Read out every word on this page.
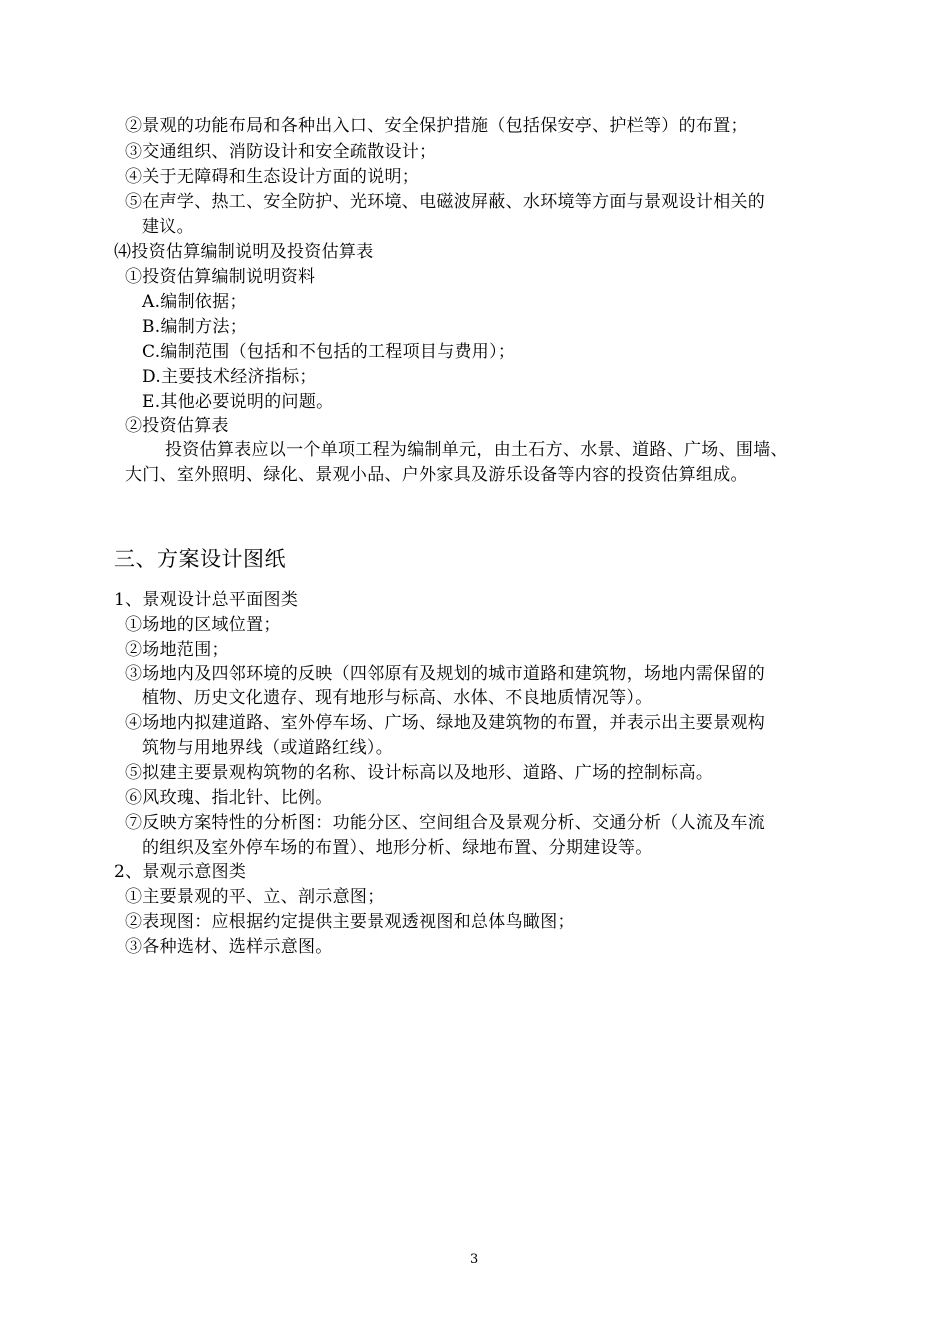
②景观的功能布局和各种出入口、安全保护措施（包括保安亭、护栏等）的布置；
③交通组织、消防设计和安全疏散设计；
④关于无障碍和生态设计方面的说明；
⑤在声学、热工、安全防护、光环境、电磁波屏蔽、水环境等方面与景观设计相关的
建议。
⑷投资估算编制说明及投资估算表
①投资估算编制说明资料
A.编制依据；
B.编制方法；
C.编制范围（包括和不包括的工程项目与费用）；
D.主要技术经济指标；
E.其他必要说明的问题。
②投资估算表
投资估算表应以一个单项工程为编制单元，由土石方、水景、道路、广场、围墙、
大门、室外照明、绿化、景观小品、户外家具及游乐设备等内容的投资估算组成。
三、方案设计图纸
1、景观设计总平面图类
①场地的区域位置；
②场地范围；
③场地内及四邻环境的反映（四邻原有及规划的城市道路和建筑物，场地内需保留的
植物、历史文化遗存、现有地形与标高、水体、不良地质情况等）。
④场地内拟建道路、室外停车场、广场、绿地及建筑物的布置，并表示出主要景观构
筑物与用地界线（或道路红线）。
⑤拟建主要景观构筑物的名称、设计标高以及地形、道路、广场的控制标高。
⑥风玫瑰、指北针、比例。
⑦反映方案特性的分析图：功能分区、空间组合及景观分析、交通分析（人流及车流
的组织及室外停车场的布置）、地形分析、绿地布置、分期建设等。
2、景观示意图类
①主要景观的平、立、剖示意图；
②表现图：应根据约定提供主要景观透视图和总体鸟瞰图；
③各种选材、选样示意图。
3
